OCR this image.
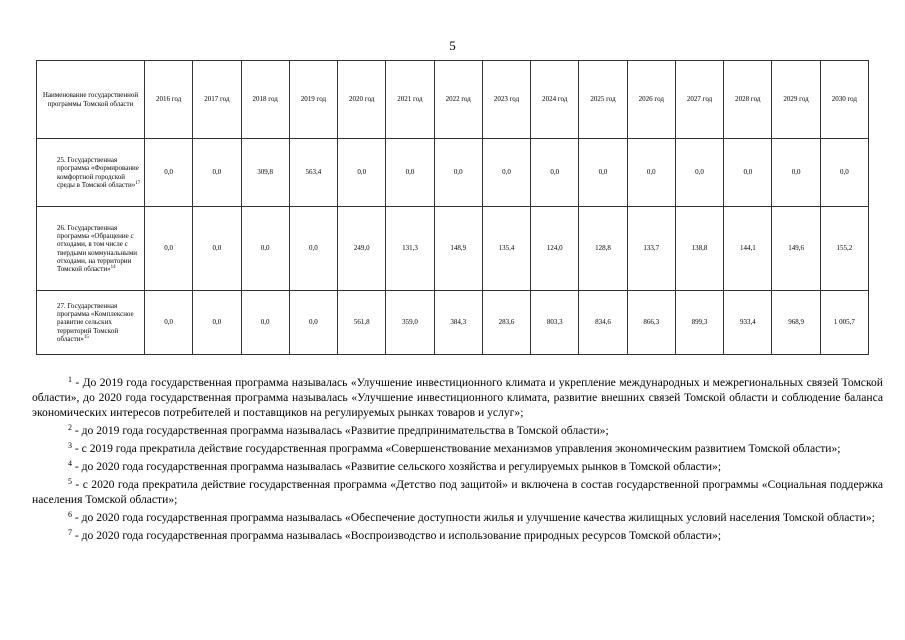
5
Наименование государственной программы Томской области	2016 год	2017 год	2018 год	2019 год	2020 год	2021 год	2022 год	2023 год	2024 год	2025 год	2026 год	2027 год	2028 год	2029 год	2030 год
25. Государственная программа «Формирование комфортной городской среды в Томской области»$^{17}$	0,0	0,0	309,8	563,4	0,0	0,0	0,0	0,0	0,0	0,0	0,0	0,0	0,0	0,0	0,0
26. Государственная программа «Обращение с отходами, в том числе с твердыми коммунальными отходами, на территории Томской области»$^{14}$	0,0	0,0	0,0	0,0	249,0	131,3	148,9	135,4	124,0	128,8	133,7	138,8	144,1	149,6	155,2
27. Государственная программа «Комплексное развитие сельских территорий Томской области»$^{15}$	0,0	0,0	0,0	0,0	561,8	359,0	384,3	283,6	803,3	834,6	866,3	899,3	933,4	968,9	1 005,7

$^1$ - До 2019 года государственная программа называлась «Улучшение инвестиционного климата и укрепление международных и межрегиональных связей Томской области», до 2020 года государственная программа называлась «Улучшение инвестиционного климата, развитие внешних связей Томской области и соблюдение баланса экономических интересов потребителей и поставщиков на регулируемых рынках товаров и услуг»;

$^2$ - до 2019 года государственная программа называлась «Развитие предпринимательства в Томской области»;

$^3$ - с 2019 года прекратила действие государственная программа «Совершенствование механизмов управления экономическим развитием Томской области»;

$^4$ - до 2020 года государственная программа называлась «Развитие сельского хозяйства и регулируемых рынков в Томской области»;

$^5$ - с 2020 года прекратила действие государственная программа «Детство под защитой» и включена в состав государственной программы «Социальная поддержка населения Томской области»;

$^6$ - до 2020 года государственная программа называлась «Обеспечение доступности жилья и улучшение качества жилищных условий населения Томской области»;

$^7$ - до 2020 года государственная программа называлась «Воспроизводство и использование природных ресурсов Томской области»;
